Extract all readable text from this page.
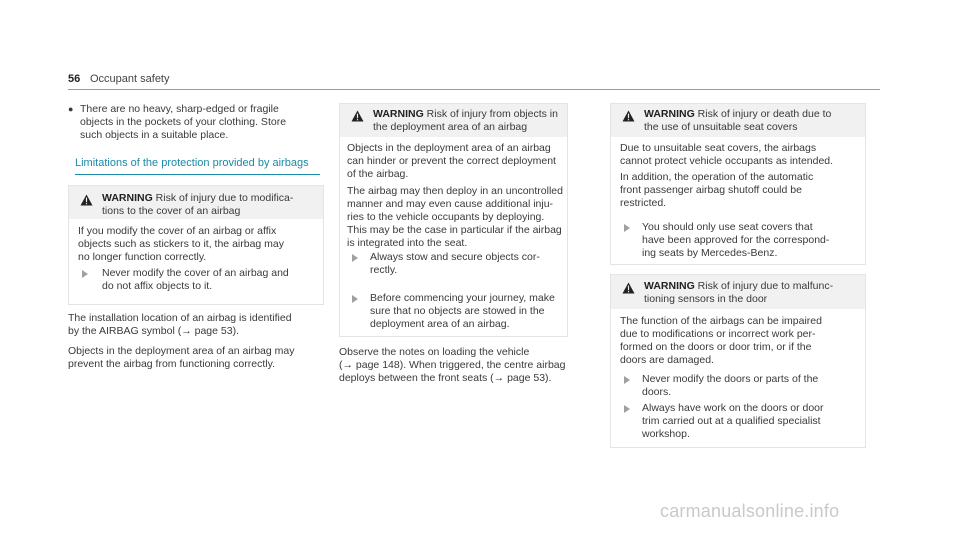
56 Occupant safety
● There are no heavy, sharp-edged or fragile
objects in the pockets of your clothing. Store
such objects in a suitable place.

Limitations of the protection provided by airbags
WARNING Risk of injury due to modifica-
tions to the cover of an airbag

If you modify the cover of an airbag or affix
objects such as stickers to it, the airbag may
no longer function correctly.

Never modify the cover of an airbag and
do not affix objects to it.

The installation location of an airbag is identified
by the AIRBAG symbol (→ page 53).

Objects in the deployment area of an airbag may
prevent the airbag from functioning correctly.

WARNING Risk of injury from objects in
the deployment area of an airbag

Objects in the deployment area of an airbag
can hinder or prevent the correct deployment
of the airbag.

The airbag may then deploy in an uncontrolled
manner and may even cause additional inju-
ries to the vehicle occupants by deploying.
This may be the case in particular if the airbag
is integrated into the seat.

Always stow and secure objects cor-
rectly.

Before commencing your journey, make
sure that no objects are stowed in the
deployment area of an airbag.

Observe the notes on loading the vehicle
(→ page 148). When triggered, the centre airbag
deploys between the front seats (→ page 53).

WARNING Risk of injury or death due to
the use of unsuitable seat covers

Due to unsuitable seat covers, the airbags
cannot protect vehicle occupants as intended.

In addition, the operation of the automatic
front passenger airbag shutoff could be
restricted.

You should only use seat covers that
have been approved for the correspond-
ing seats by Mercedes-Benz.

WARNING Risk of injury due to malfunc-
tioning sensors in the door

The function of the airbags can be impaired
due to modifications or incorrect work per-
formed on the doors or door trim, or if the
doors are damaged.

Never modify the doors or parts of the
doors.

Always have work on the doors or door
trim carried out at a qualified specialist
workshop.

carmanualsonline.info
